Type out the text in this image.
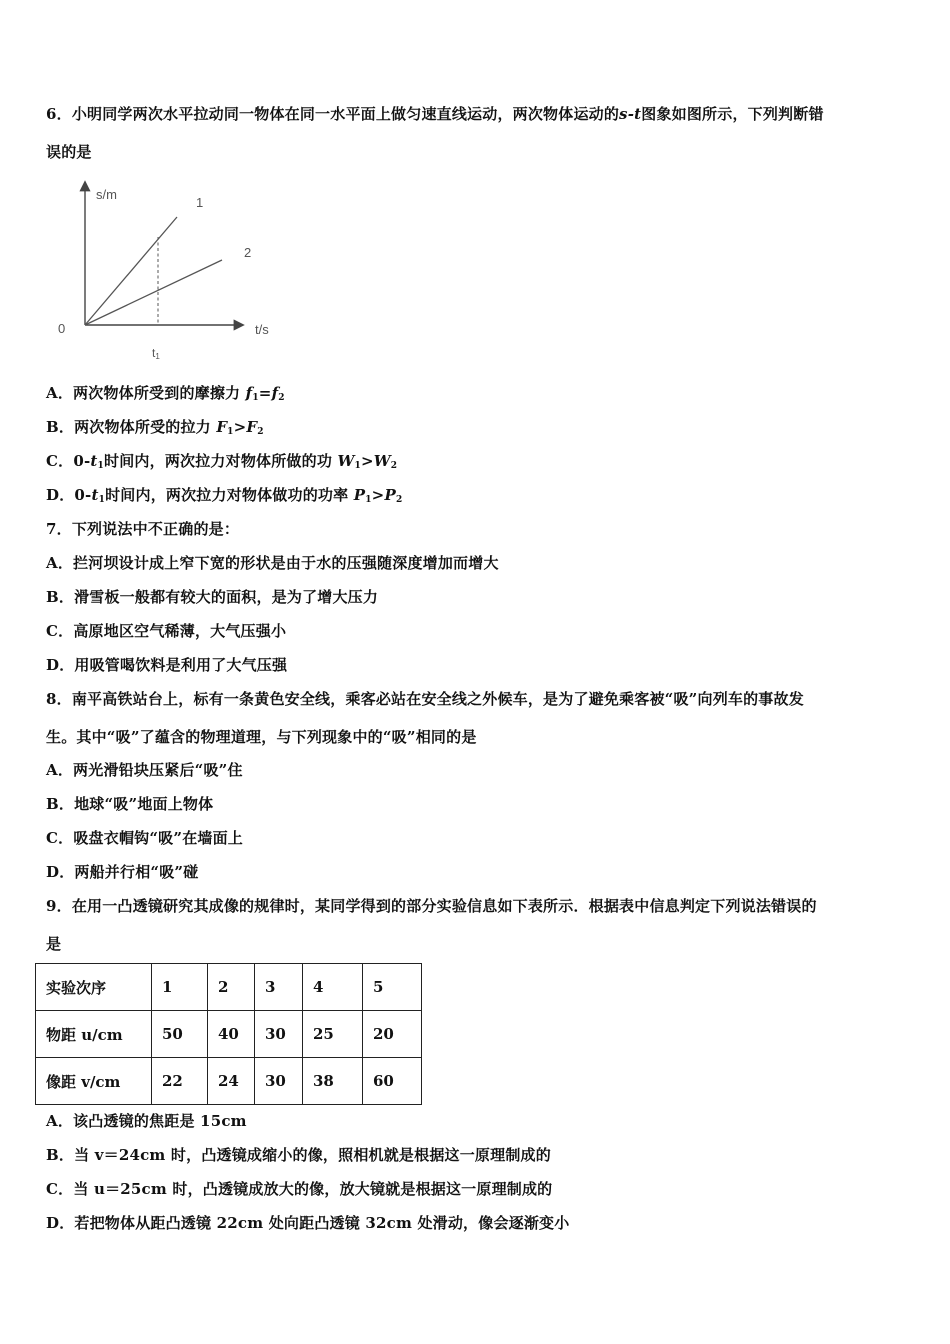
6．小明同学两次水平拉动同一物体在同一水平面上做匀速直线运动，两次物体运动的s-t图象如图所示，下列判断错
误的是
s/m
t/s
0
t1
1
2
A．两次物体所受到的摩擦力 $f_1=f_2$
B．两次物体所受的拉力 $F_1>F_2$
C．$0-t_1$时间内，两次拉力对物体所做的功 $W_1>W_2$
D．$0-t_1$时间内，两次拉力对物体做功的功率 $P_1>P_2$
7．下列说法中不正确的是：
A．拦河坝设计成上窄下宽的形状是由于水的压强随深度增加而增大
B．滑雪板一般都有较大的面积，是为了增大压力
C．高原地区空气稀薄，大气压强小
D．用吸管喝饮料是利用了大气压强
8．南平高铁站台上，标有一条黄色安全线，乘客必站在安全线之外候车，是为了避免乘客被“吸”向列车的事故发
生。其中“吸”了蕴含的物理道理，与下列现象中的“吸”相同的是
A．两光滑铅块压紧后“吸”住
B．地球“吸”地面上物体
C．吸盘衣帽钩“吸”在墙面上
D．两船并行相“吸”碰
9．在用一凸透镜研究其成像的规律时，某同学得到的部分实验信息如下表所示．根据表中信息判定下列说法错误的
是
实验次序	1	2	3	4	5
物距 u/cm	50	40	30	25	20
像距 v/cm	22	24	30	38	60
A．该凸透镜的焦距是 15cm
B．当 v＝24cm 时，凸透镜成缩小的像，照相机就是根据这一原理制成的
C．当 u＝25cm 时，凸透镜成放大的像，放大镜就是根据这一原理制成的
D．若把物体从距凸透镜 22cm 处向距凸透镜 32cm 处滑动，像会逐渐变小
